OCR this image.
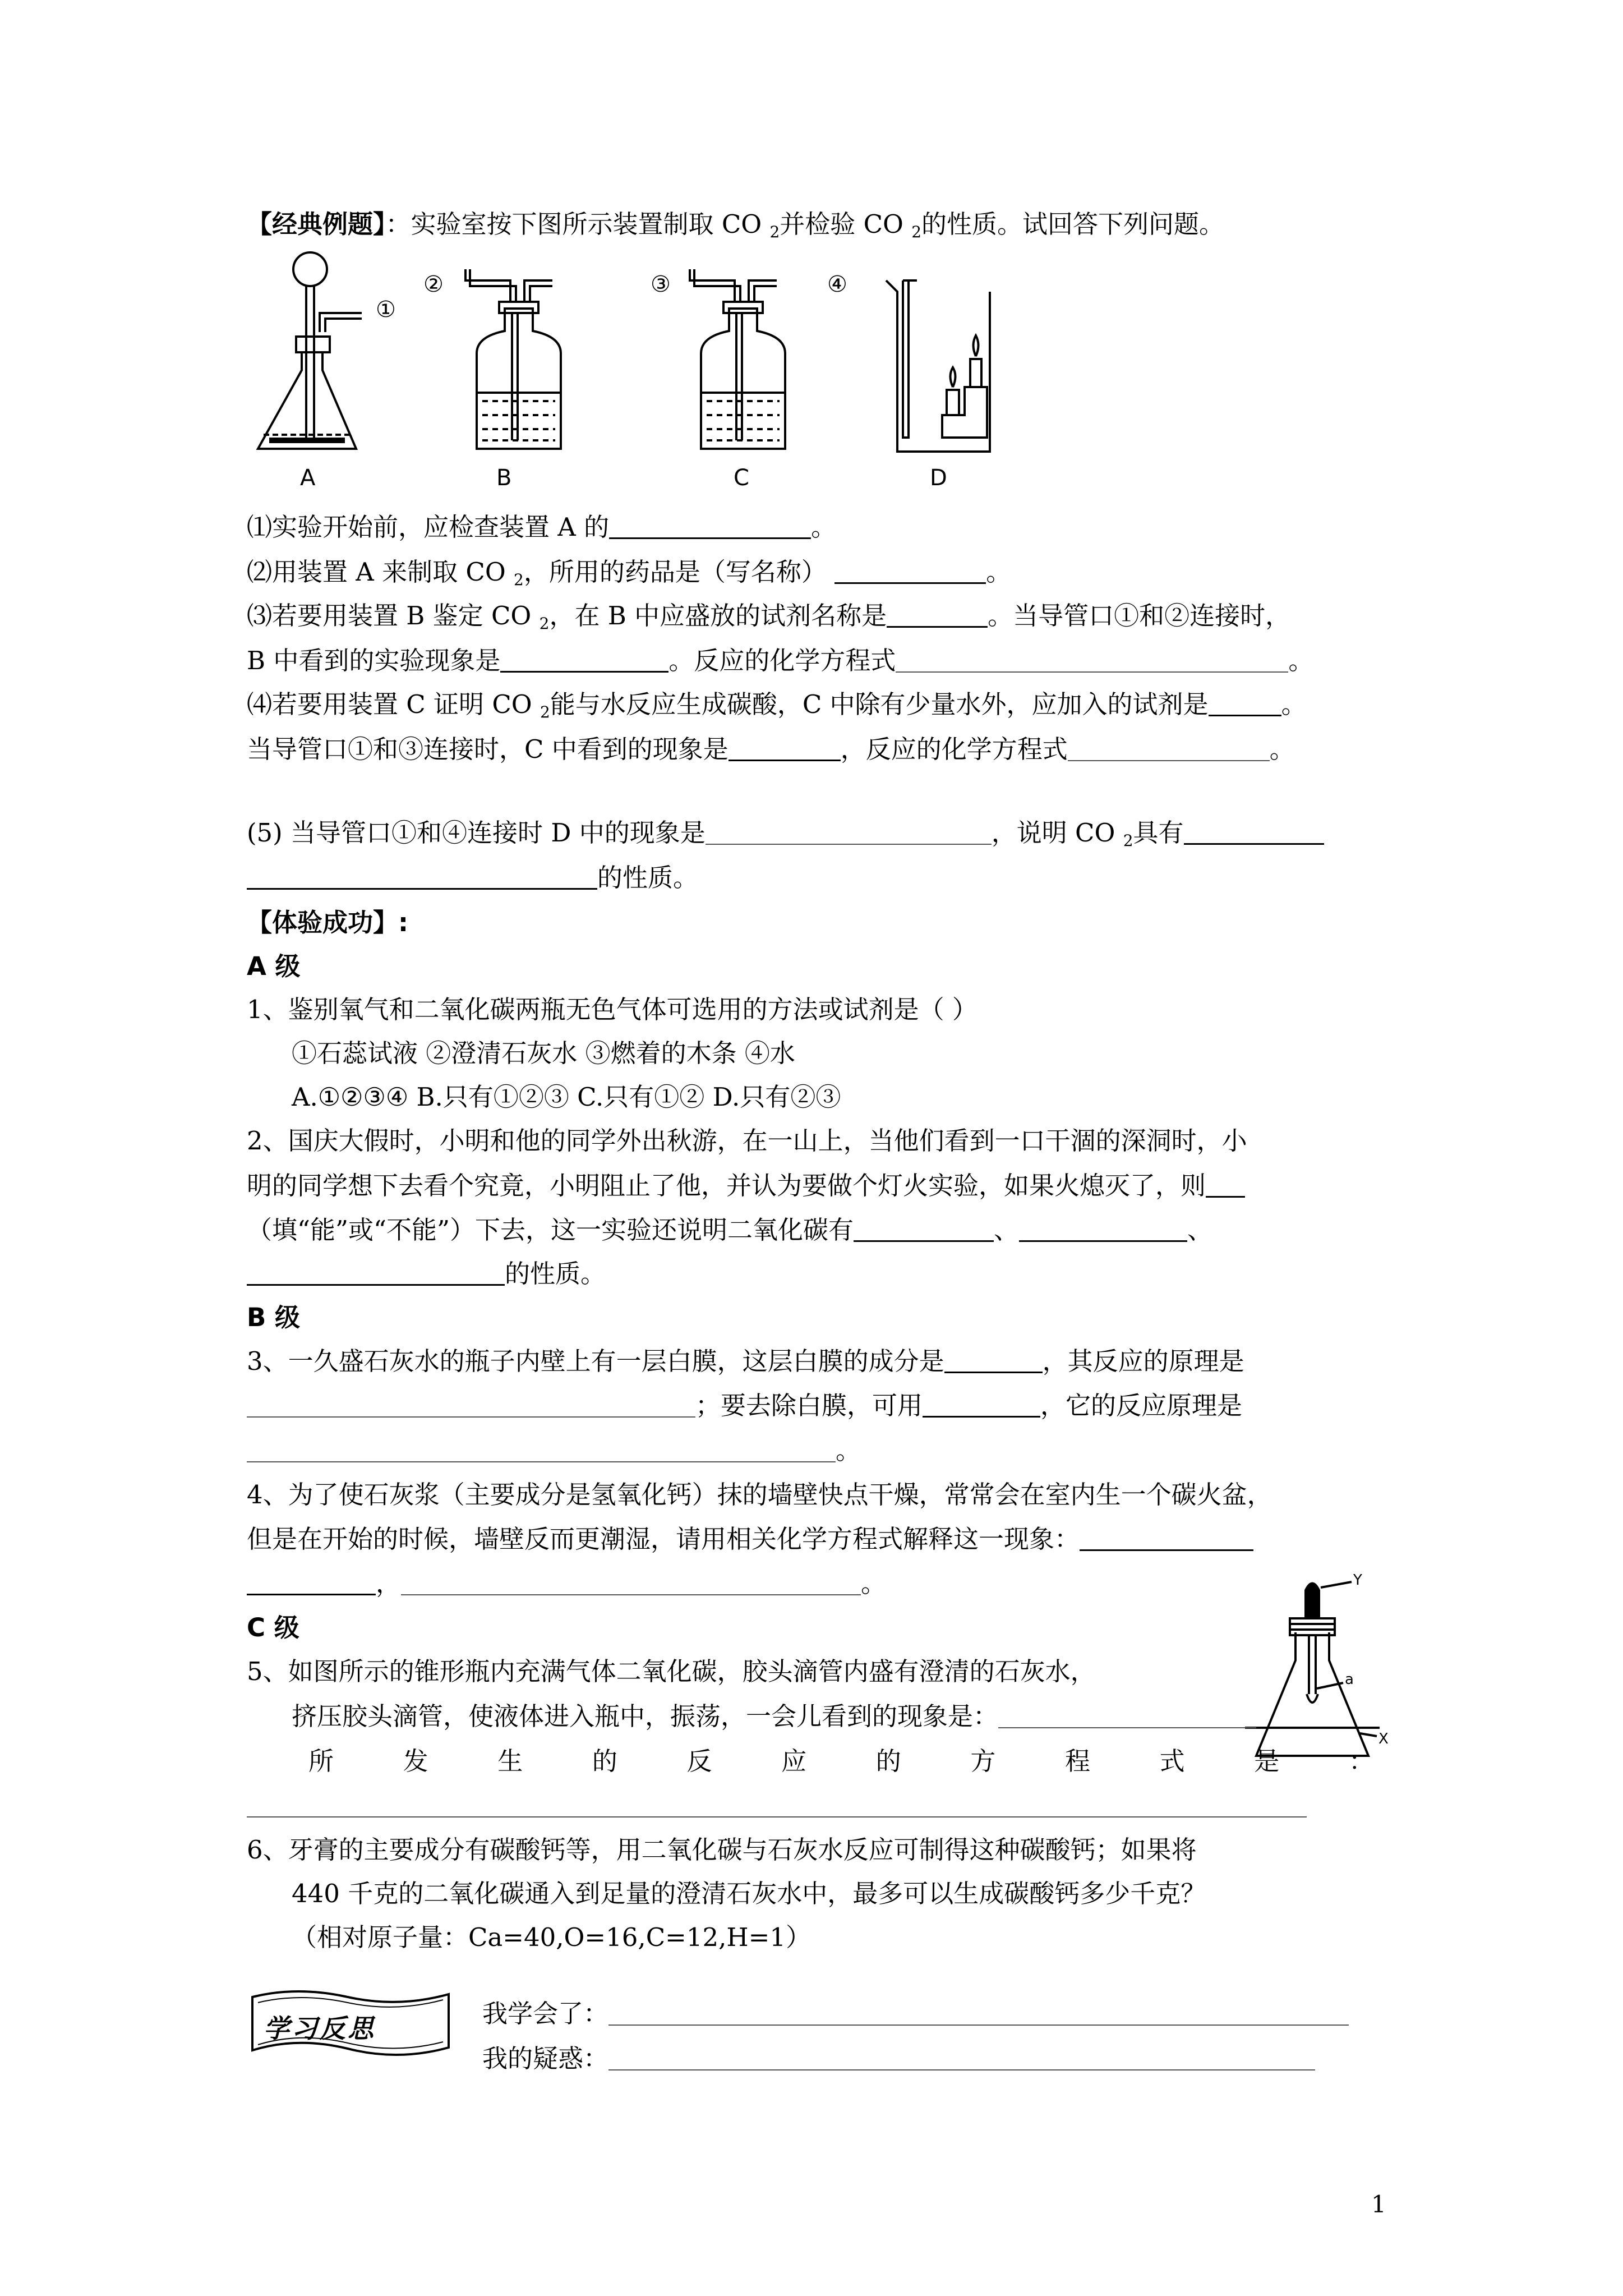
【经典例题】：实验室按下图所示装置制取 CO $_2$并检验 CO $_2$的性质。试回答下列问题。
①
②	③	④
A	B	C	D
⑴实验开始前，应检查装置 A 的	。
⑵用装置 A 来制取 CO $_2$，所用的药品是（写名称）	。
⑶若要用装置 B 鉴定 CO $_2$，在 B 中应盛放的试剂名称是	。当导管口①和②连接时，
B 中看到的实验现象是	。反应的化学方程式	。
⑷若要用装置 C 证明 CO $_2$能与水反应生成碳酸，C 中除有少量水外，应加入的试剂是	。
当导管口①和③连接时，C 中看到的现象是	，反应的化学方程式	。
(5) 当导管口①和④连接时 D 中的现象是	，说明 CO $_2$具有
的性质。
【体验成功】:
A 级
1、鉴别氧气和二氧化碳两瓶无色气体可选用的方法或试剂是（ ）
①石蕊试液 ②澄清石灰水 ③燃着的木条 ④水
A.①②③④ B.只有①②③ C.只有①② D.只有②③
2、国庆大假时，小明和他的同学外出秋游，在一山上，当他们看到一口干涸的深洞时，小
明的同学想下去看个究竟，小明阻止了他，并认为要做个灯火实验，如果火熄灭了，则
（填“能”或“不能”）下去，这一实验还说明二氧化碳有	、	、
的性质。
B 级
3、一久盛石灰水的瓶子内壁上有一层白膜，这层白膜的成分是	，其反应的原理是
；要去除白膜，可用	，它的反应原理是
。
4、为了使石灰浆（主要成分是氢氧化钙）抹的墙壁快点干燥，常常会在室内生一个碳火盆，
但是在开始的时候，墙壁反而更潮湿，请用相关化学方程式解释这一现象：
，	。
C 级
Y
a
X
5、如图所示的锥形瓶内充满气体二氧化碳，胶头滴管内盛有澄清的石灰水，
挤压胶头滴管，使液体进入瓶中，振荡，一会儿看到的现象是：
所	发	生	的	反	应	的	方	程	式	是	：
6、牙膏的主要成分有碳酸钙等，用二氧化碳与石灰水反应可制得这种碳酸钙；如果将
440 千克的二氧化碳通入到足量的澄清石灰水中，最多可以生成碳酸钙多少千克？
（相对原子量：Ca=40,O=16,C=12,H=1）
学习反思	我学会了：
我的疑惑：
1
